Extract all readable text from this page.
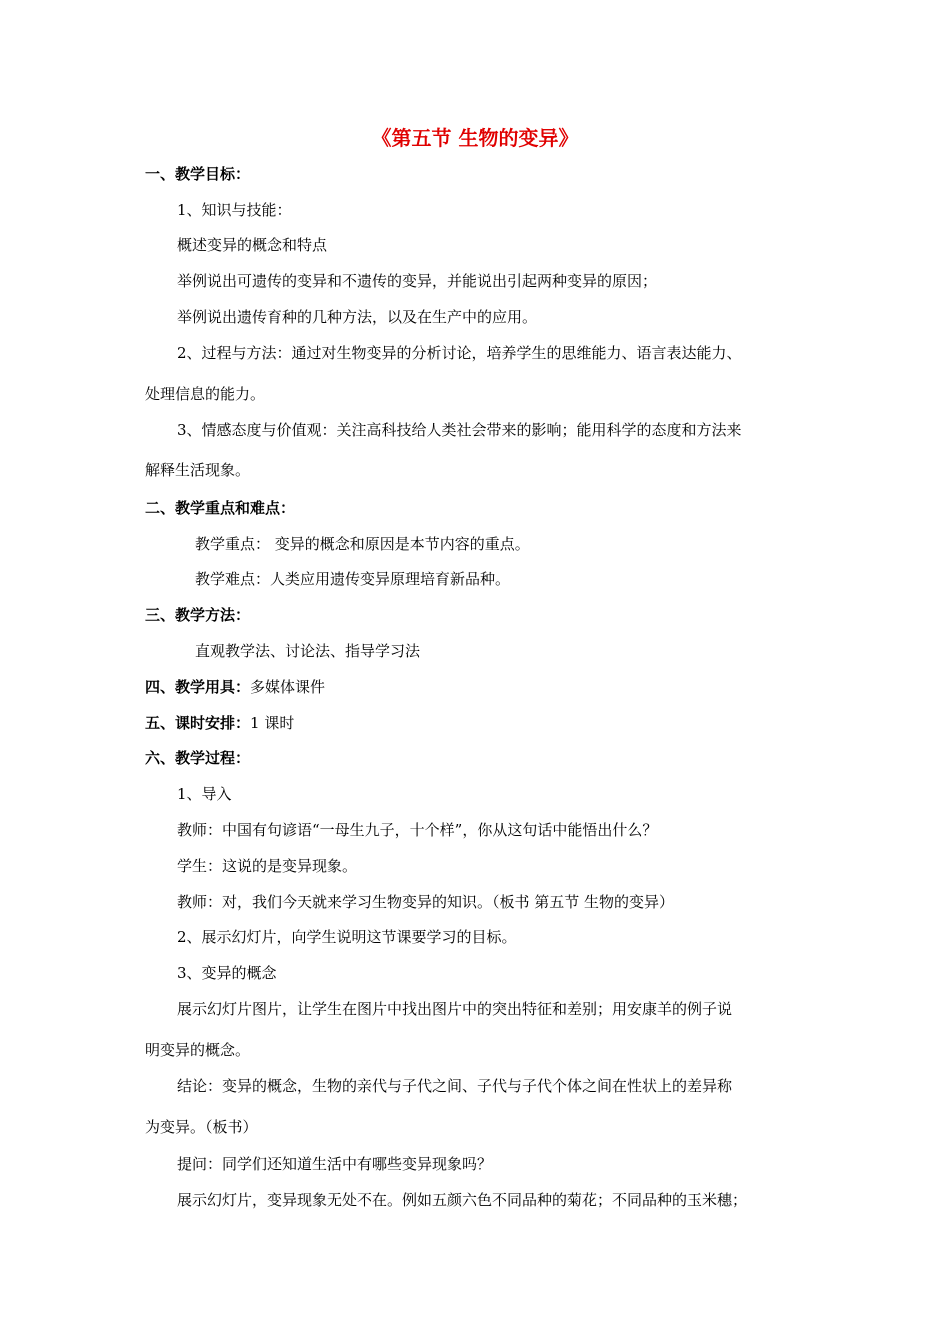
《第五节 生物的变异》
一、教学目标：
1、知识与技能：
概述变异的概念和特点
举例说出可遗传的变异和不遗传的变异，并能说出引起两种变异的原因；
举例说出遗传育种的几种方法，以及在生产中的应用。
2、过程与方法：通过对生物变异的分析讨论，培养学生的思维能力、语言表达能力、
处理信息的能力。
3、情感态度与价值观：关注高科技给人类社会带来的影响；能用科学的态度和方法来
解释生活现象。
二、教学重点和难点：
教学重点： 变异的概念和原因是本节内容的重点。
教学难点：人类应用遗传变异原理培育新品种。
三、教学方法：
直观教学法、讨论法、指导学习法
四、教学用具：多媒体课件
五、课时安排：1 课时
六、教学过程：
1、导入
教师：中国有句谚语“一母生九子，十个样”，你从这句话中能悟出什么？
学生：这说的是变异现象。
教师：对，我们今天就来学习生物变异的知识。（板书 第五节 生物的变异）
2、展示幻灯片，向学生说明这节课要学习的目标。
3、变异的概念
展示幻灯片图片，让学生在图片中找出图片中的突出特征和差别；用安康羊的例子说
明变异的概念。
结论：变异的概念，生物的亲代与子代之间、子代与子代个体之间在性状上的差异称
为变异。（板书）
提问：同学们还知道生活中有哪些变异现象吗？
展示幻灯片，变异现象无处不在。例如五颜六色不同品种的菊花；不同品种的玉米穗；
